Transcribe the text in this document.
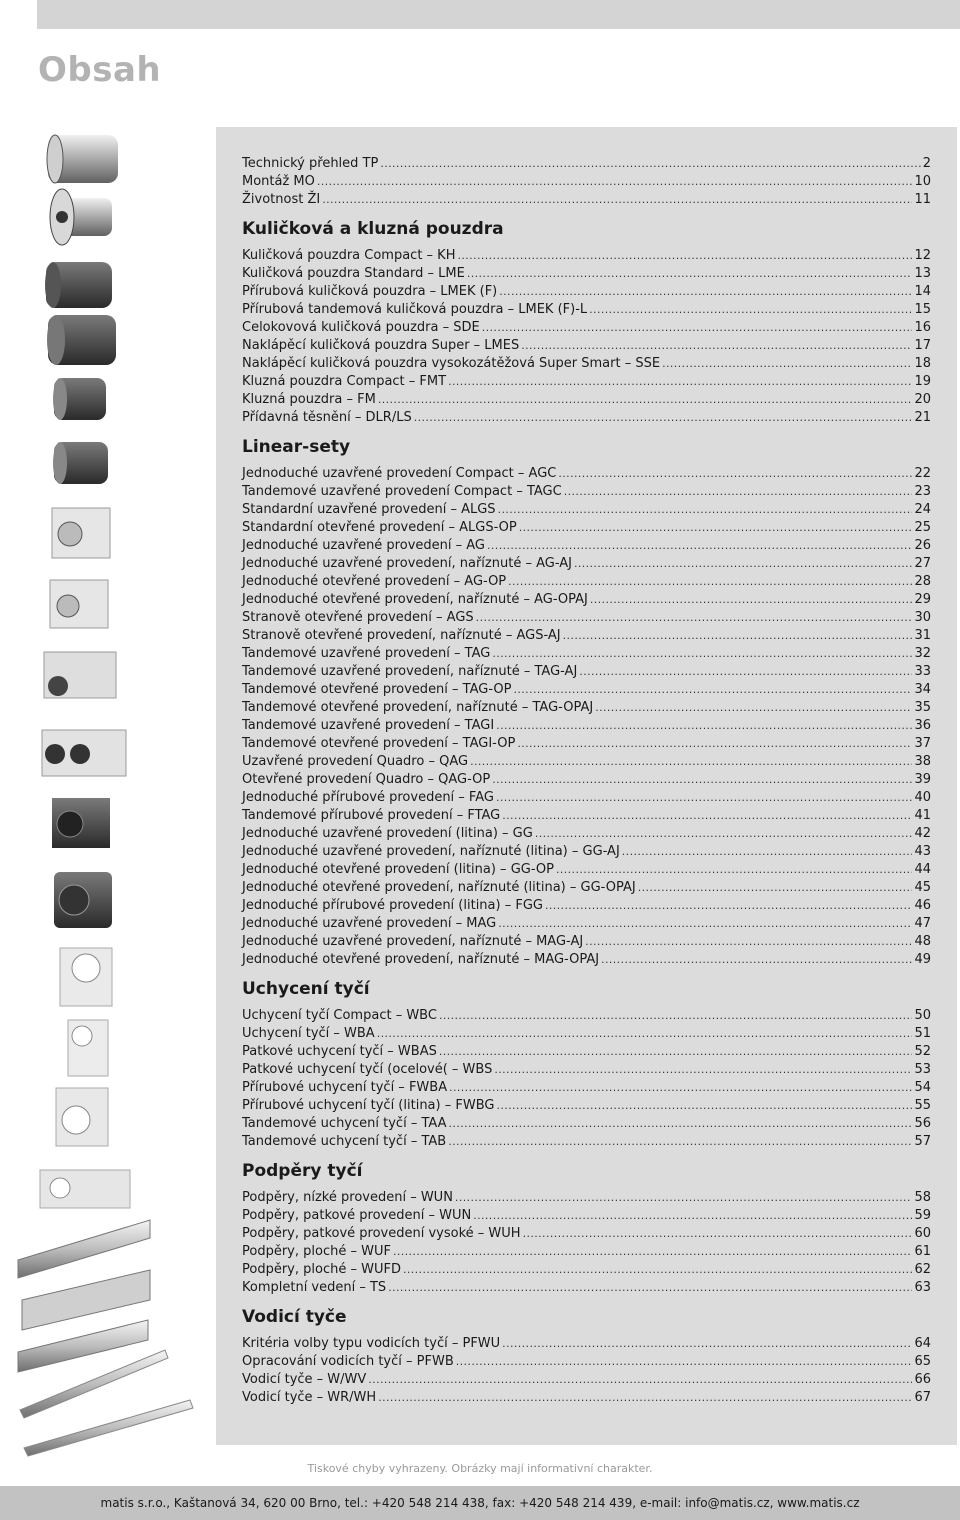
Obsah
Technický přehled TP .....	2
Montáž MO .....	10
Životnost ŽI .....	11
Kuličková a kluzná pouzdra
Kuličková pouzdra Compact – KH .....	12
Kuličková pouzdra Standard – LME .....	13
Přírubová kuličková pouzdra – LMEK (F) .....	14
Přírubová tandemová kuličková pouzdra – LMEK (F)-L .....	15
Celokovová kuličková pouzdra – SDE .....	16
Naklápěcí kuličková pouzdra Super – LMES .....	17
Naklápěcí kuličková pouzdra vysokozátěžová Super Smart – SSE .....	18
Kluzná pouzdra Compact – FMT .....	19
Kluzná pouzdra – FM .....	20
Přídavná těsnění – DLR/LS .....	21
Linear-sety
Jednoduché uzavřené provedení Compact – AGC .....	22
Tandemové uzavřené provedení Compact – TAGC .....	23
Standardní uzavřené provedení – ALGS .....	24
Standardní otevřené provedení – ALGS-OP .....	25
Jednoduché uzavřené provedení – AG .....	26
Jednoduché uzavřené provedení, naříznuté – AG-AJ .....	27
Jednoduché otevřené provedení – AG-OP .....	28
Jednoduché otevřené provedení, naříznuté – AG-OPAJ .....	29
Stranově otevřené provedení – AGS .....	30
Stranově otevřené provedení, naříznuté – AGS-AJ .....	31
Tandemové uzavřené provedení – TAG .....	32
Tandemové uzavřené provedení, naříznuté – TAG-AJ .....	33
Tandemové otevřené provedení – TAG-OP .....	34
Tandemové otevřené provedení, naříznuté – TAG-OPAJ .....	35
Tandemové uzavřené provedení – TAGI .....	36
Tandemové otevřené provedení – TAGI-OP .....	37
Uzavřené provedení Quadro – QAG .....	38
Otevřené provedení Quadro – QAG-OP .....	39
Jednoduché přírubové provedení – FAG .....	40
Tandemové přírubové provedení – FTAG .....	41
Jednoduché uzavřené provedení (litina) – GG .....	42
Jednoduché uzavřené provedení, naříznuté (litina) – GG-AJ .....	43
Jednoduché otevřené provedení (litina) – GG-OP .....	44
Jednoduché otevřené provedení, naříznuté (litina) – GG-OPAJ .....	45
Jednoduché přírubové provedení (litina) – FGG .....	46
Jednoduché uzavřené provedení – MAG .....	47
Jednoduché uzavřené provedení, naříznuté – MAG-AJ .....	48
Jednoduché otevřené provedení, naříznuté – MAG-OPAJ .....	49
Uchycení tyčí
Uchycení tyčí Compact – WBC .....	50
Uchycení tyčí – WBA .....	51
Patkové uchycení tyčí – WBAS .....	52
Patkové uchycení tyčí (ocelové( – WBS .....	53
Přírubové uchycení tyčí – FWBA .....	54
Přírubové uchycení tyčí (litina) – FWBG .....	55
Tandemové uchycení tyčí – TAA .....	56
Tandemové uchycení tyčí – TAB .....	57
Podpěry tyčí
Podpěry, nízké provedení – WUN .....	58
Podpěry, patkové provedení – WUN .....	59
Podpěry, patkové provedení vysoké – WUH .....	60
Podpěry, ploché – WUF .....	61
Podpěry, ploché – WUFD .....	62
Kompletní vedení – TS .....	63
Vodicí tyče
Kritéria volby typu vodicích tyčí – PFWU .....	64
Opracování vodicích tyčí – PFWB .....	65
Vodicí tyče – W/WV .....	66
Vodicí tyče – WR/WH .....	67
Tiskové chyby vyhrazeny. Obrázky mají informativní charakter.
matis s.r.o., Kaštanová 34, 620 00 Brno, tel.: +420 548 214 438, fax: +420 548 214 439, e-mail: info@matis.cz, www.matis.cz
